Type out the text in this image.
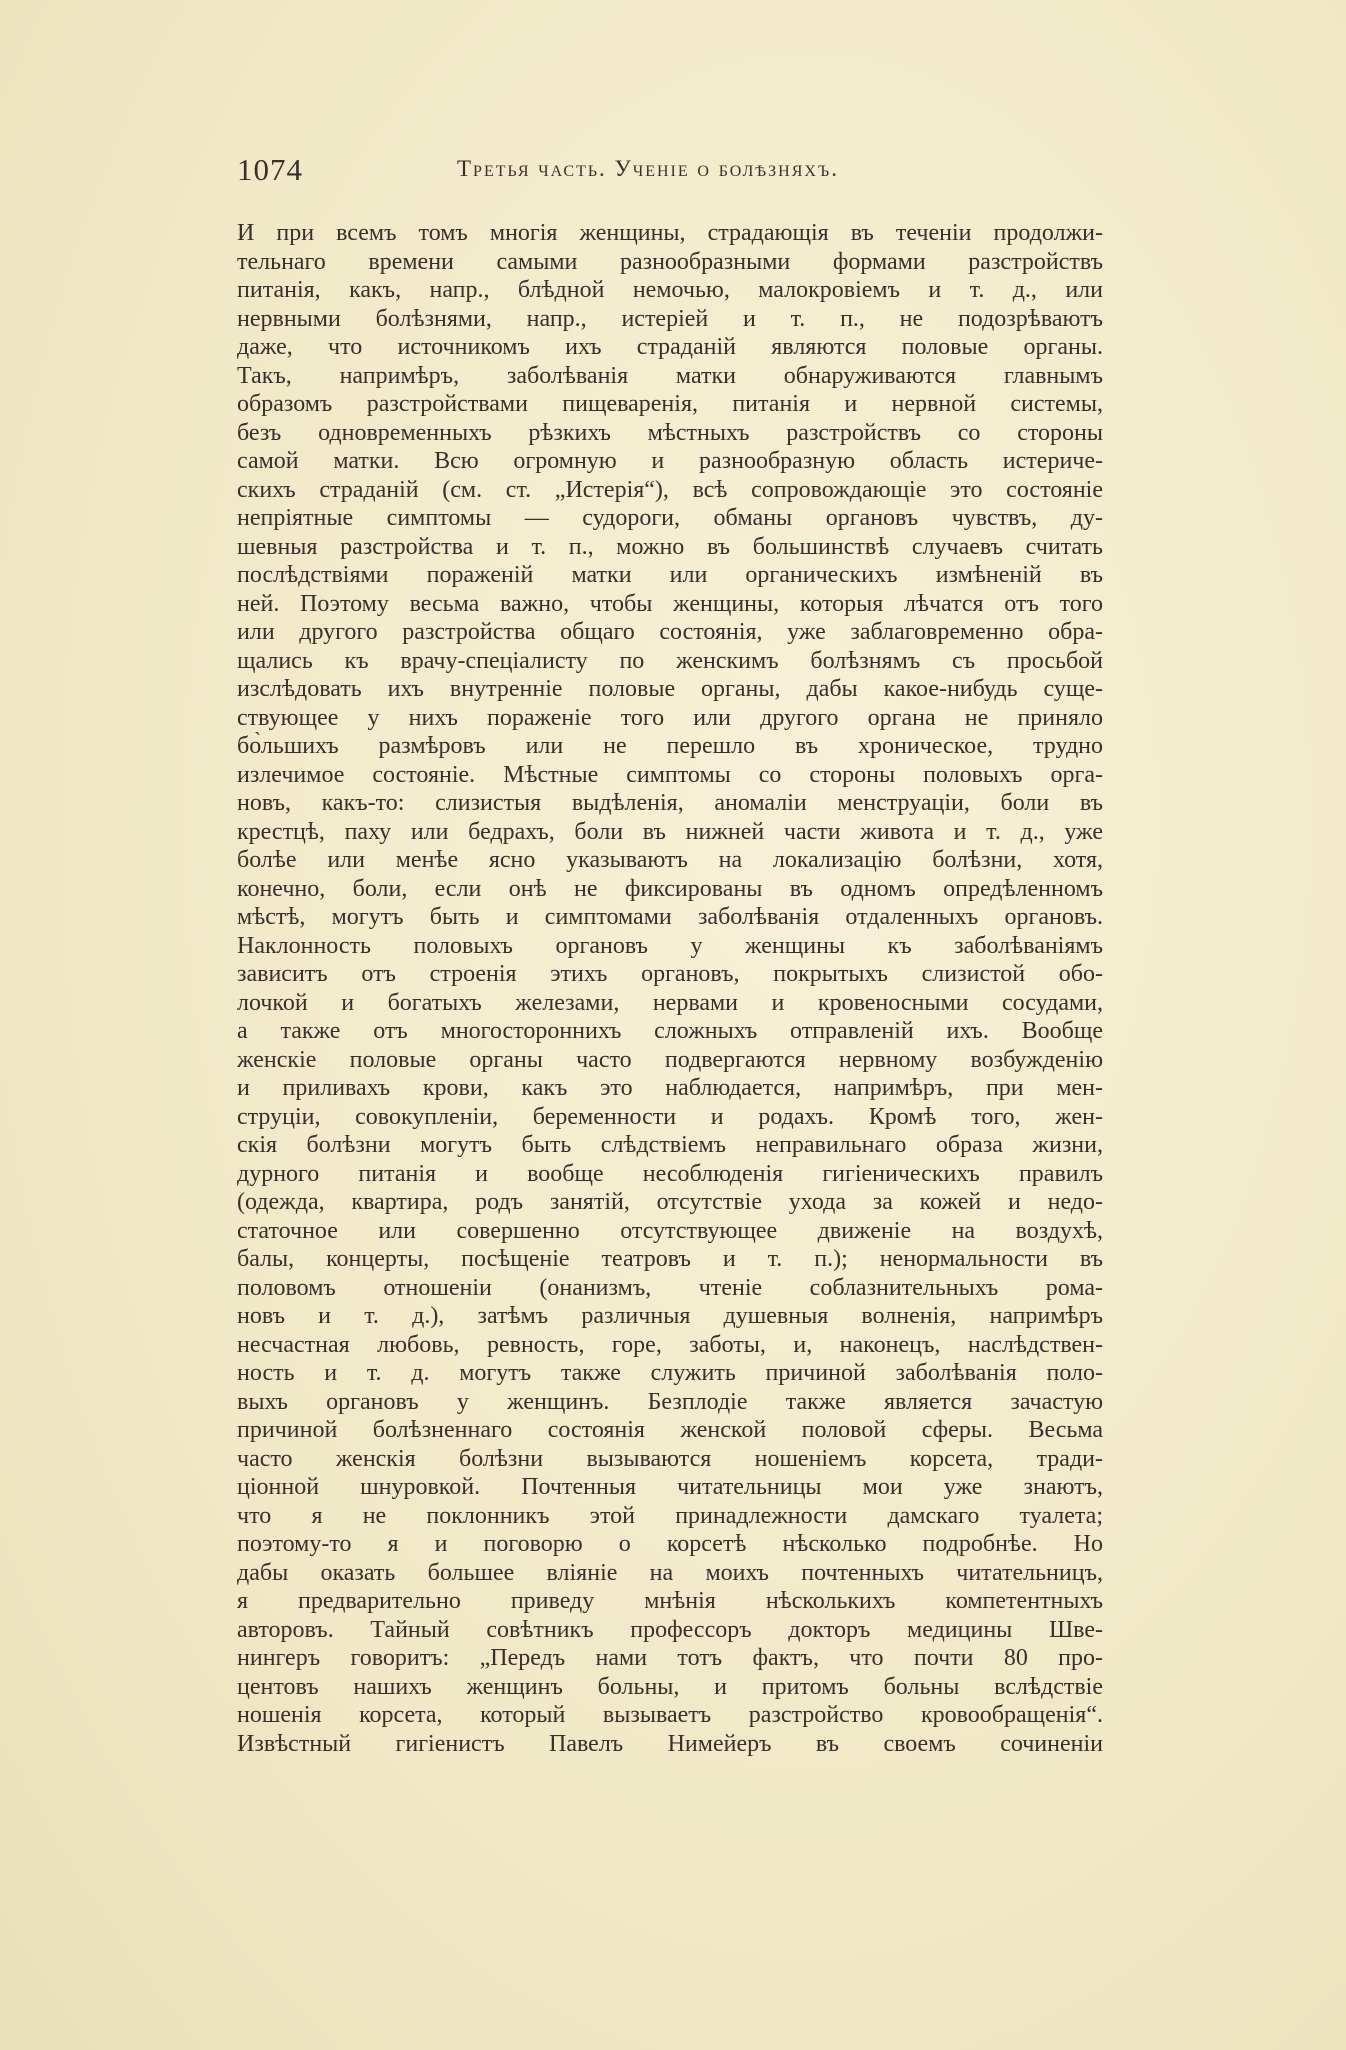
1074	Третья часть. Ученіе о болѣзняхъ.
И при всемъ томъ многія женщины, страдающія въ теченіи продолжи-
тельнаго времени самыми разнообразными формами разстройствъ
питанія, какъ, напр., блѣдной немочью, малокровіемъ и т. д., или
нервными болѣзнями, напр., истеріей и т. п., не подозрѣваютъ
даже, что источникомъ ихъ страданій являются половые органы.
Такъ, напримѣръ, заболѣванія матки обнаруживаются главнымъ
образомъ разстройствами пищеваренія, питанія и нервной системы,
безъ одновременныхъ рѣзкихъ мѣстныхъ разстройствъ со стороны
самой матки. Всю огромную и разнообразную область истериче-
скихъ страданій (см. ст. „Истерія“), всѣ сопровождающіе это состояніе
непріятные симптомы — судороги, обманы органовъ чувствъ, ду-
шевныя разстройства и т. п., можно въ большинствѣ случаевъ считать
послѣдствіями пораженій матки или органическихъ измѣненій въ
ней. Поэтому весьма важно, чтобы женщины, которыя лѣчатся отъ того
или другого разстройства общаго состоянія, уже заблаговременно обра-
щались къ врачу-спеціалисту по женскимъ болѣзнямъ съ просьбой
изслѣдовать ихъ внутренніе половые органы, дабы какое-нибудь суще-
ствующее у нихъ пораженіе того или другого органа не приняло
бо̀льшихъ размѣровъ или не перешло въ хроническое, трудно
излечимое состояніе. Мѣстные симптомы со стороны половыхъ орга-
новъ, какъ-то: слизистыя выдѣленія, аномаліи менструаціи, боли въ
крестцѣ, паху или бедрахъ, боли въ нижней части живота и т. д., уже
болѣе или менѣе ясно указываютъ на локализацію болѣзни, хотя,
конечно, боли, если онѣ не фиксированы въ одномъ опредѣленномъ
мѣстѣ, могутъ быть и симптомами заболѣванія отдаленныхъ органовъ.
Наклонность половыхъ органовъ у женщины къ заболѣваніямъ
зависитъ отъ строенія этихъ органовъ, покрытыхъ слизистой обо-
лочкой и богатыхъ железами, нервами и кровеносными сосудами,
а также отъ многостороннихъ сложныхъ отправленій ихъ. Вообще
женскіе половые органы часто подвергаются нервному возбужденію
и приливахъ крови, какъ это наблюдается, напримѣръ, при мен-
струціи, совокупленіи, беременности и родахъ. Кромѣ того, жен-
скія болѣзни могутъ быть слѣдствіемъ неправильнаго образа жизни,
дурного питанія и вообще несоблюденія гигіеническихъ правилъ
(одежда, квартира, родъ занятій, отсутствіе ухода за кожей и недо-
статочное или совершенно отсутствующее движеніе на воздухѣ,
балы, концерты, посѣщеніе театровъ и т. п.); ненормальности въ
половомъ отношеніи (онанизмъ, чтеніе соблазнительныхъ рома-
новъ и т. д.), затѣмъ различныя душевныя волненія, напримѣръ
несчастная любовь, ревность, горе, заботы, и, наконецъ, наслѣдствен-
ность и т. д. могутъ также служить причиной заболѣванія поло-
выхъ органовъ у женщинъ. Безплодіе также является зачастую
причиной болѣзненнаго состоянія женской половой сферы. Весьма
часто женскія болѣзни вызываются ношеніемъ корсета, тради-
ціонной шнуровкой. Почтенныя читательницы мои уже знаютъ,
что я не поклонникъ этой принадлежности дамскаго туалета;
поэтому-то я и поговорю о корсетѣ нѣсколько подробнѣе. Но
дабы оказать большее вліяніе на моихъ почтенныхъ читательницъ,
я предварительно приведу мнѣнія нѣсколькихъ компетентныхъ
авторовъ. Тайный совѣтникъ профессоръ докторъ медицины Шве-
нингеръ говоритъ: „Передъ нами тотъ фактъ, что почти 80 про-
центовъ нашихъ женщинъ больны, и притомъ больны вслѣдствіе
ношенія корсета, который вызываетъ разстройство кровообращенія“.
Извѣстный гигіенистъ Павелъ Нимейеръ въ своемъ сочиненіи
